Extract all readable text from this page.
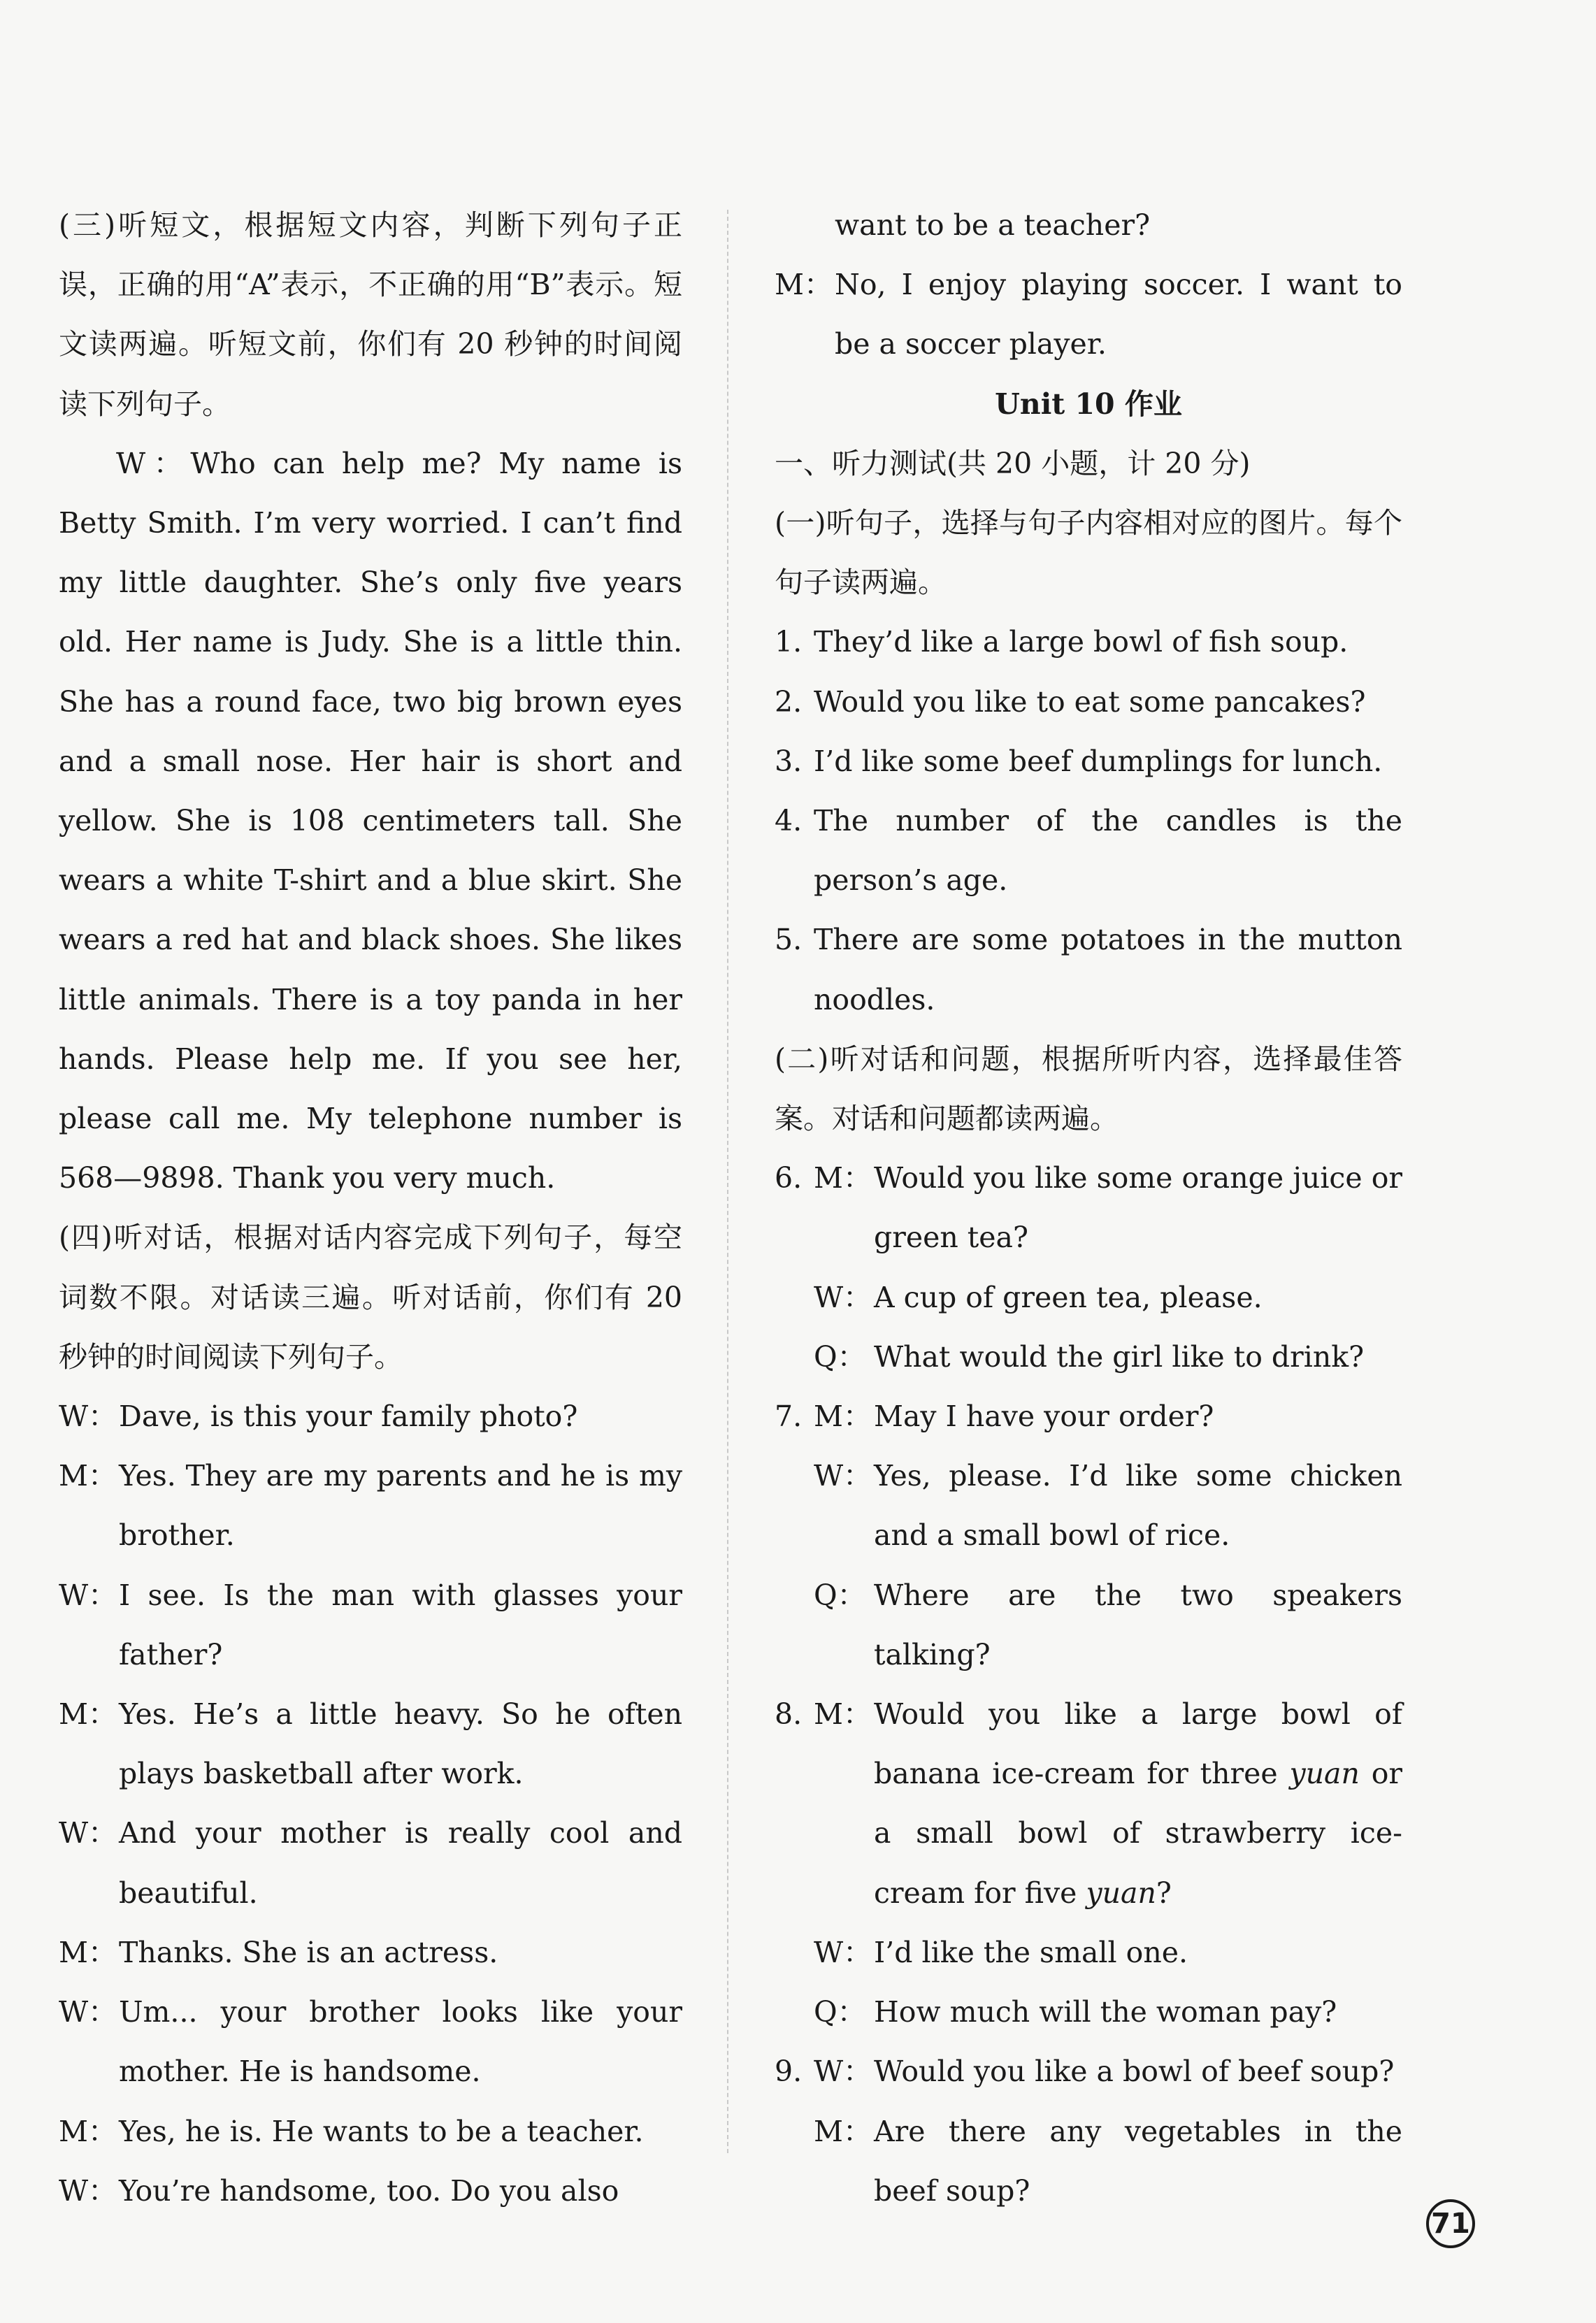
(三)听短文，根据短文内容，判断下列句子正误，正确的用“A”表示，不正确的用“B”表示。短文读两遍。听短文前，你们有 20 秒钟的时间阅读下列句子。

W：Who can help me? My name is Betty Smith. I’m very worried. I can’t find my little daughter. She’s only five years old. Her name is Judy. She is a little thin. She has a round face, two big brown eyes and a small nose. Her hair is short and yellow. She is 108 centimeters tall. She wears a white T-shirt and a blue skirt. She wears a red hat and black shoes. She likes little animals. There is a toy panda in her hands. Please help me. If you see her, please call me. My telephone number is 568—9898. Thank you very much.

(四)听对话，根据对话内容完成下列句子，每空词数不限。对话读三遍。听对话前，你们有 20 秒钟的时间阅读下列句子。

W： Dave, is this your family photo?
M： Yes. They are my parents and he is my brother.
W： I see. Is the man with glasses your father?
M： Yes. He’s a little heavy. So he often plays basketball after work.
W： And your mother is really cool and beautiful.
M： Thanks. She is an actress.
W： Um... your brother looks like your mother. He is handsome.
M： Yes, he is. He wants to be a teacher.
W： You’re handsome, too. Do you also
want to be a teacher?
M： No, I enjoy playing soccer. I want to be a soccer player.
Unit 10 作业
一、听力测试(共 20 小题，计 20 分)

(一)听句子，选择与句子内容相对应的图片。每个句子读两遍。

1. They’d like a large bowl of fish soup.
2. Would you like to eat some pancakes?
3. I’d like some beef dumplings for lunch.
4. The number of the candles is the person’s age.
5. There are some potatoes in the mutton noodles.

(二)听对话和问题，根据所听内容，选择最佳答案。对话和问题都读两遍。

6. M： Would you like some orange juice or green tea?
W： A cup of green tea, please.
Q： What would the girl like to drink?
7. M： May I have your order?
W： Yes, please. I’d like some chicken and a small bowl of rice.
Q： Where are the two speakers talking?
8. M： Would you like a large bowl of banana ice-cream for three yuan or a small bowl of strawberry ice-cream for five yuan?
W： I’d like the small one.
Q： How much will the woman pay?
9. W： Would you like a bowl of beef soup?
M： Are there any vegetables in the beef soup?
71
